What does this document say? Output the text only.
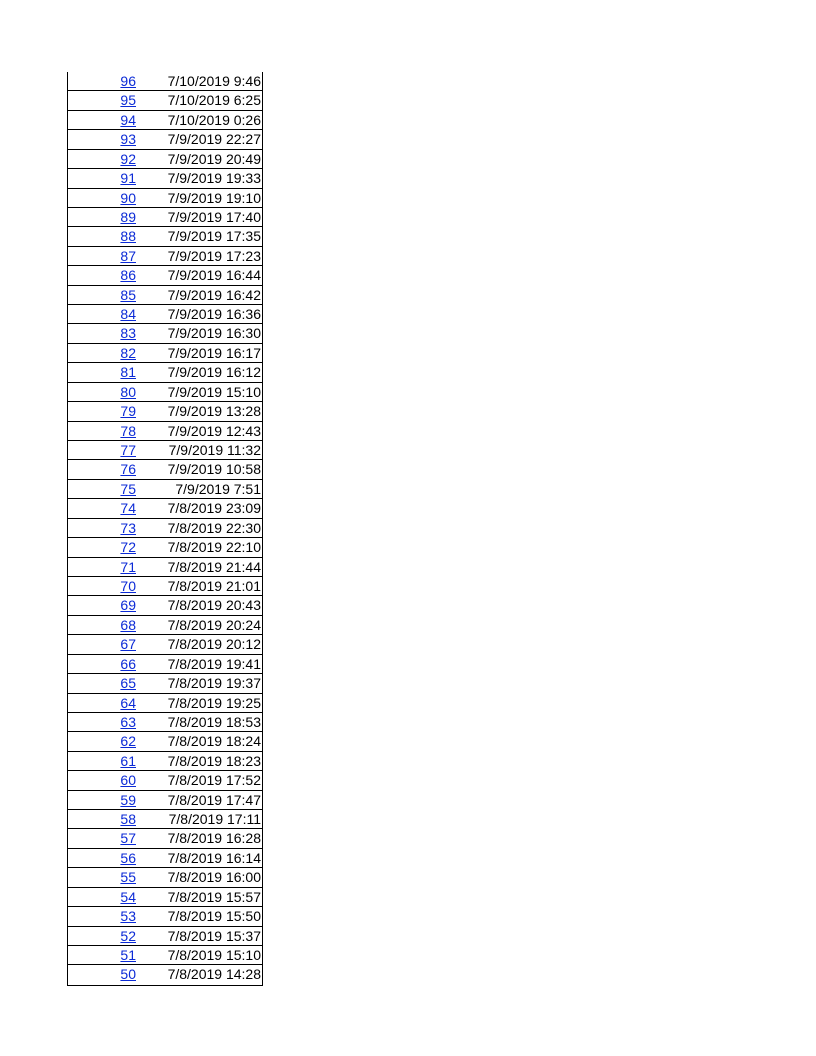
96	7/10/2019 9:46
95	7/10/2019 6:25
94	7/10/2019 0:26
93	7/9/2019 22:27
92	7/9/2019 20:49
91	7/9/2019 19:33
90	7/9/2019 19:10
89	7/9/2019 17:40
88	7/9/2019 17:35
87	7/9/2019 17:23
86	7/9/2019 16:44
85	7/9/2019 16:42
84	7/9/2019 16:36
83	7/9/2019 16:30
82	7/9/2019 16:17
81	7/9/2019 16:12
80	7/9/2019 15:10
79	7/9/2019 13:28
78	7/9/2019 12:43
77	7/9/2019 11:32
76	7/9/2019 10:58
75	7/9/2019 7:51
74	7/8/2019 23:09
73	7/8/2019 22:30
72	7/8/2019 22:10
71	7/8/2019 21:44
70	7/8/2019 21:01
69	7/8/2019 20:43
68	7/8/2019 20:24
67	7/8/2019 20:12
66	7/8/2019 19:41
65	7/8/2019 19:37
64	7/8/2019 19:25
63	7/8/2019 18:53
62	7/8/2019 18:24
61	7/8/2019 18:23
60	7/8/2019 17:52
59	7/8/2019 17:47
58	7/8/2019 17:11
57	7/8/2019 16:28
56	7/8/2019 16:14
55	7/8/2019 16:00
54	7/8/2019 15:57
53	7/8/2019 15:50
52	7/8/2019 15:37
51	7/8/2019 15:10
50	7/8/2019 14:28
